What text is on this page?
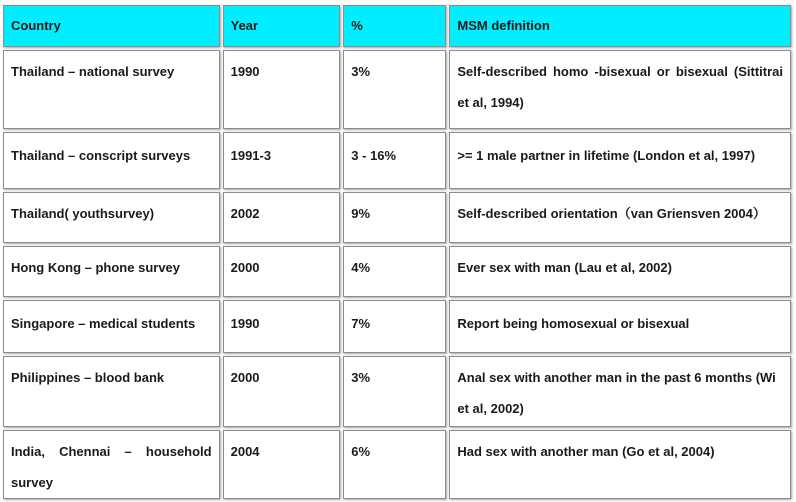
Country	Year	%	MSM definition
Thailand – national survey	1990	3%	Self-described homo -bisexual or bisexual (Sittitrai et al, 1994)
Thailand – conscript surveys	1991-3	3 - 16%	>= 1 male partner in lifetime (London et al, 1997)
Thailand( youthsurvey)	2002	9%	Self-described orientation（van Griensven 2004）
Hong Kong – phone survey	2000	4%	Ever sex with man (Lau et al, 2002)
Singapore – medical students	1990	7%	Report being homosexual or bisexual
Philippines – blood bank	2000	3%	Anal sex with another man in the past 6 months (Wi et al, 2002)
India, Chennai – household survey	2004	6%	Had sex with another man (Go et al, 2004)
